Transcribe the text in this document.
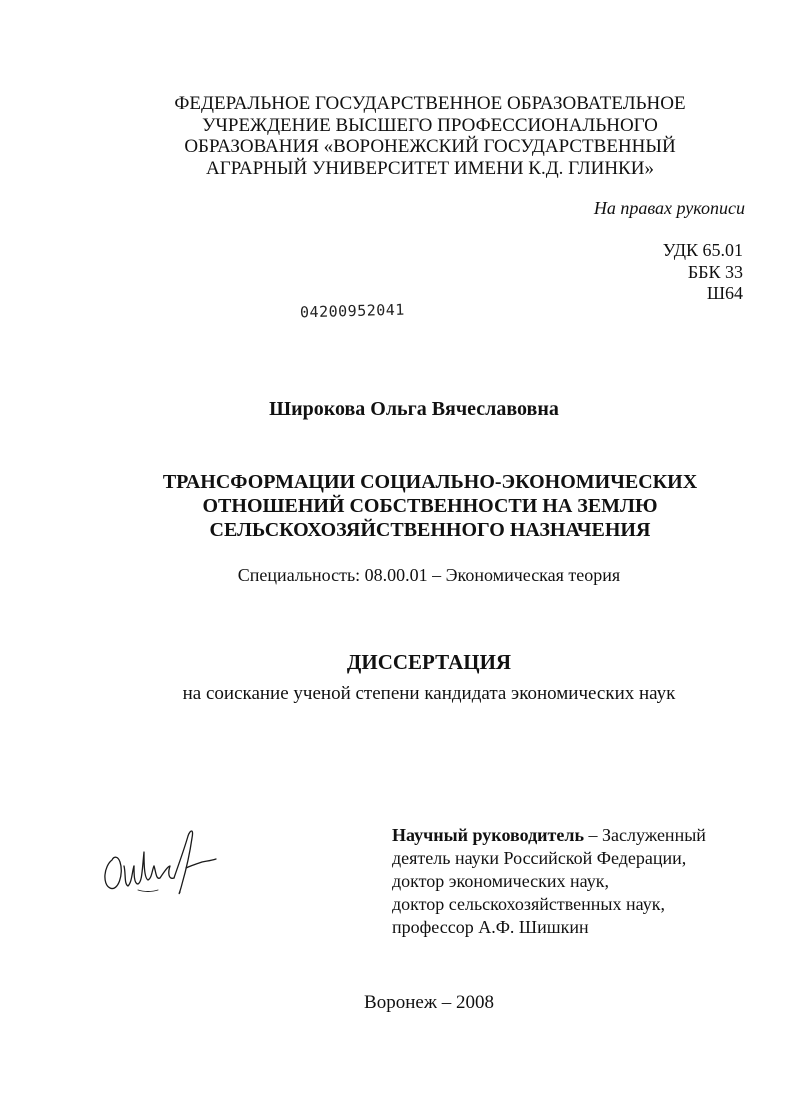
ФЕДЕРАЛЬНОЕ ГОСУДАРСТВЕННОЕ ОБРАЗОВАТЕЛЬНОЕ
УЧРЕЖДЕНИЕ ВЫСШЕГО ПРОФЕССИОНАЛЬНОГО
ОБРАЗОВАНИЯ «ВОРОНЕЖСКИЙ ГОСУДАРСТВЕННЫЙ
АГРАРНЫЙ УНИВЕРСИТЕТ ИМЕНИ К.Д. ГЛИНКИ»
На правах рукописи
УДК 65.01
ББК 33
Ш64
04200952041
Широкова Ольга Вячеславовна
ТРАНСФОРМАЦИИ СОЦИАЛЬНО-ЭКОНОМИЧЕСКИХ
ОТНОШЕНИЙ СОБСТВЕННОСТИ НА ЗЕМЛЮ
СЕЛЬСКОХОЗЯЙСТВЕННОГО НАЗНАЧЕНИЯ
Специальность: 08.00.01 – Экономическая теория
ДИССЕРТАЦИЯ
на соискание ученой степени кандидата экономических наук
Научный руководитель – Заслуженный
деятель науки Российской Федерации,
доктор экономических наук,
доктор сельскохозяйственных наук,
профессор А.Ф. Шишкин
Воронеж – 2008
